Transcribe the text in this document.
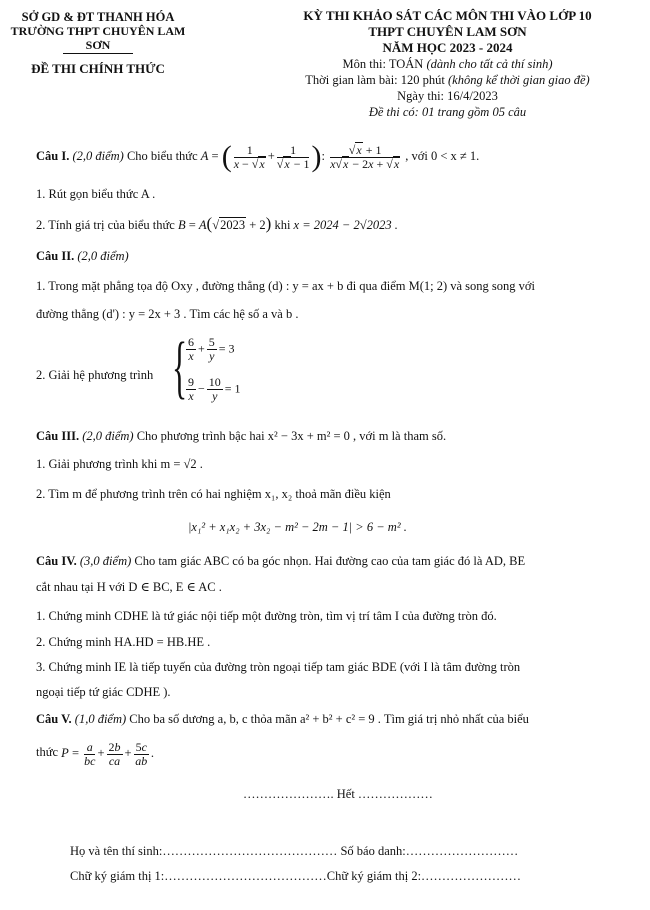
SỞ GD & ĐT THANH HÓA
TRƯỜNG THPT CHUYÊN LAM SƠN
ĐỀ THI CHÍNH THỨC
KỲ THI KHẢO SÁT CÁC MÔN THI VÀO LỚP 10
THPT CHUYÊN LAM SƠN
NĂM HỌC 2023 - 2024
Môn thi: TOÁN (dành cho tất cả thí sinh)
Thời gian làm bài: 120 phút (không kể thời gian giao đề)
Ngày thi: 16/4/2023
Đề thi có: 01 trang gồm 05 câu
Câu I. (2,0 điểm) Cho biểu thức A = ( $\frac{1}{x - √x} + \frac{1}{√x - 1}$ ): $\frac{√x + 1}{x√x - 2x + √x}$ , với 0 < x ≠ 1.
1. Rút gọn biểu thức A .
2. Tính giá trị của biểu thức B = A(√2023 + 2) khi x = 2024 − 2√2023 .
Câu II. (2,0 điểm)
1. Trong mặt phẳng tọa độ Oxy , đường thẳng (d) : y = ax + b đi qua điểm M(1; 2) và song song với
đường thẳng (d') : y = 2x + 3 . Tìm các hệ số a và b .
2. Giải hệ phương trình {
$\frac{6}{x} + \frac{5}{y} = 3$
$\frac{9}{x} - \frac{10}{y} = 1$
Câu III. (2,0 điểm) Cho phương trình bậc hai x² − 3x + m² = 0 , với m là tham số.
1. Giải phương trình khi m = √2 .
2. Tìm m để phương trình trên có hai nghiệm x₁, x₂ thoả mãn điều kiện
|x₁² + x₁x₂ + 3x₂ − m² − 2m − 1| > 6 − m² .
Câu IV. (3,0 điểm) Cho tam giác ABC có ba góc nhọn. Hai đường cao của tam giác đó là AD, BE
cắt nhau tại H với D ∈ BC, E ∈ AC .
1. Chứng minh CDHE là tứ giác nội tiếp một đường tròn, tìm vị trí tâm I của đường tròn đó.
2. Chứng minh HA.HD = HB.HE .
3. Chứng minh IE là tiếp tuyến của đường tròn ngoại tiếp tam giác BDE (với I là tâm đường tròn
ngoại tiếp tứ giác CDHE ).
Câu V. (1,0 điểm) Cho ba số dương a, b, c thỏa mãn a² + b² + c² = 9 . Tìm giá trị nhỏ nhất của biểu
thức $P = \frac{a}{bc} + \frac{2b}{ca} + \frac{5c}{ab}$ .
…………………. Hết ………………
Họ và tên thí sinh:…………………………………… Số báo danh:………………………
Chữ ký giám thị 1:…………………………………Chữ ký giám thị 2:……………………
